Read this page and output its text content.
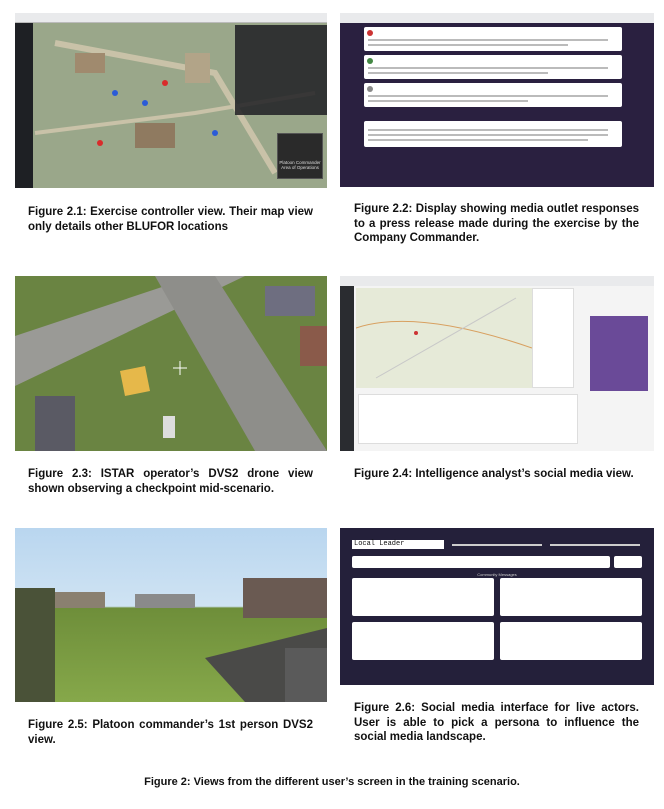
Platoon Commander Area of Operations
Figure 2.1: Exercise controller view. Their map view only details other BLUFOR locations
Figure 2.2: Display showing media outlet responses to a press release made during the exercise by the Company Commander.
Figure 2.3: ISTAR operator’s DVS2 drone view shown observing a checkpoint mid-scenario.
Figure 2.4: Intelligence analyst’s social media view.
Figure 2.5: Platoon commander’s 1st person DVS2 view.
Local Leader
Community Messages
Figure 2.6: Social media interface for live actors. User is able to pick a persona to influence the social media landscape.
Figure 2: Views from the different user’s screen in the training scenario.
